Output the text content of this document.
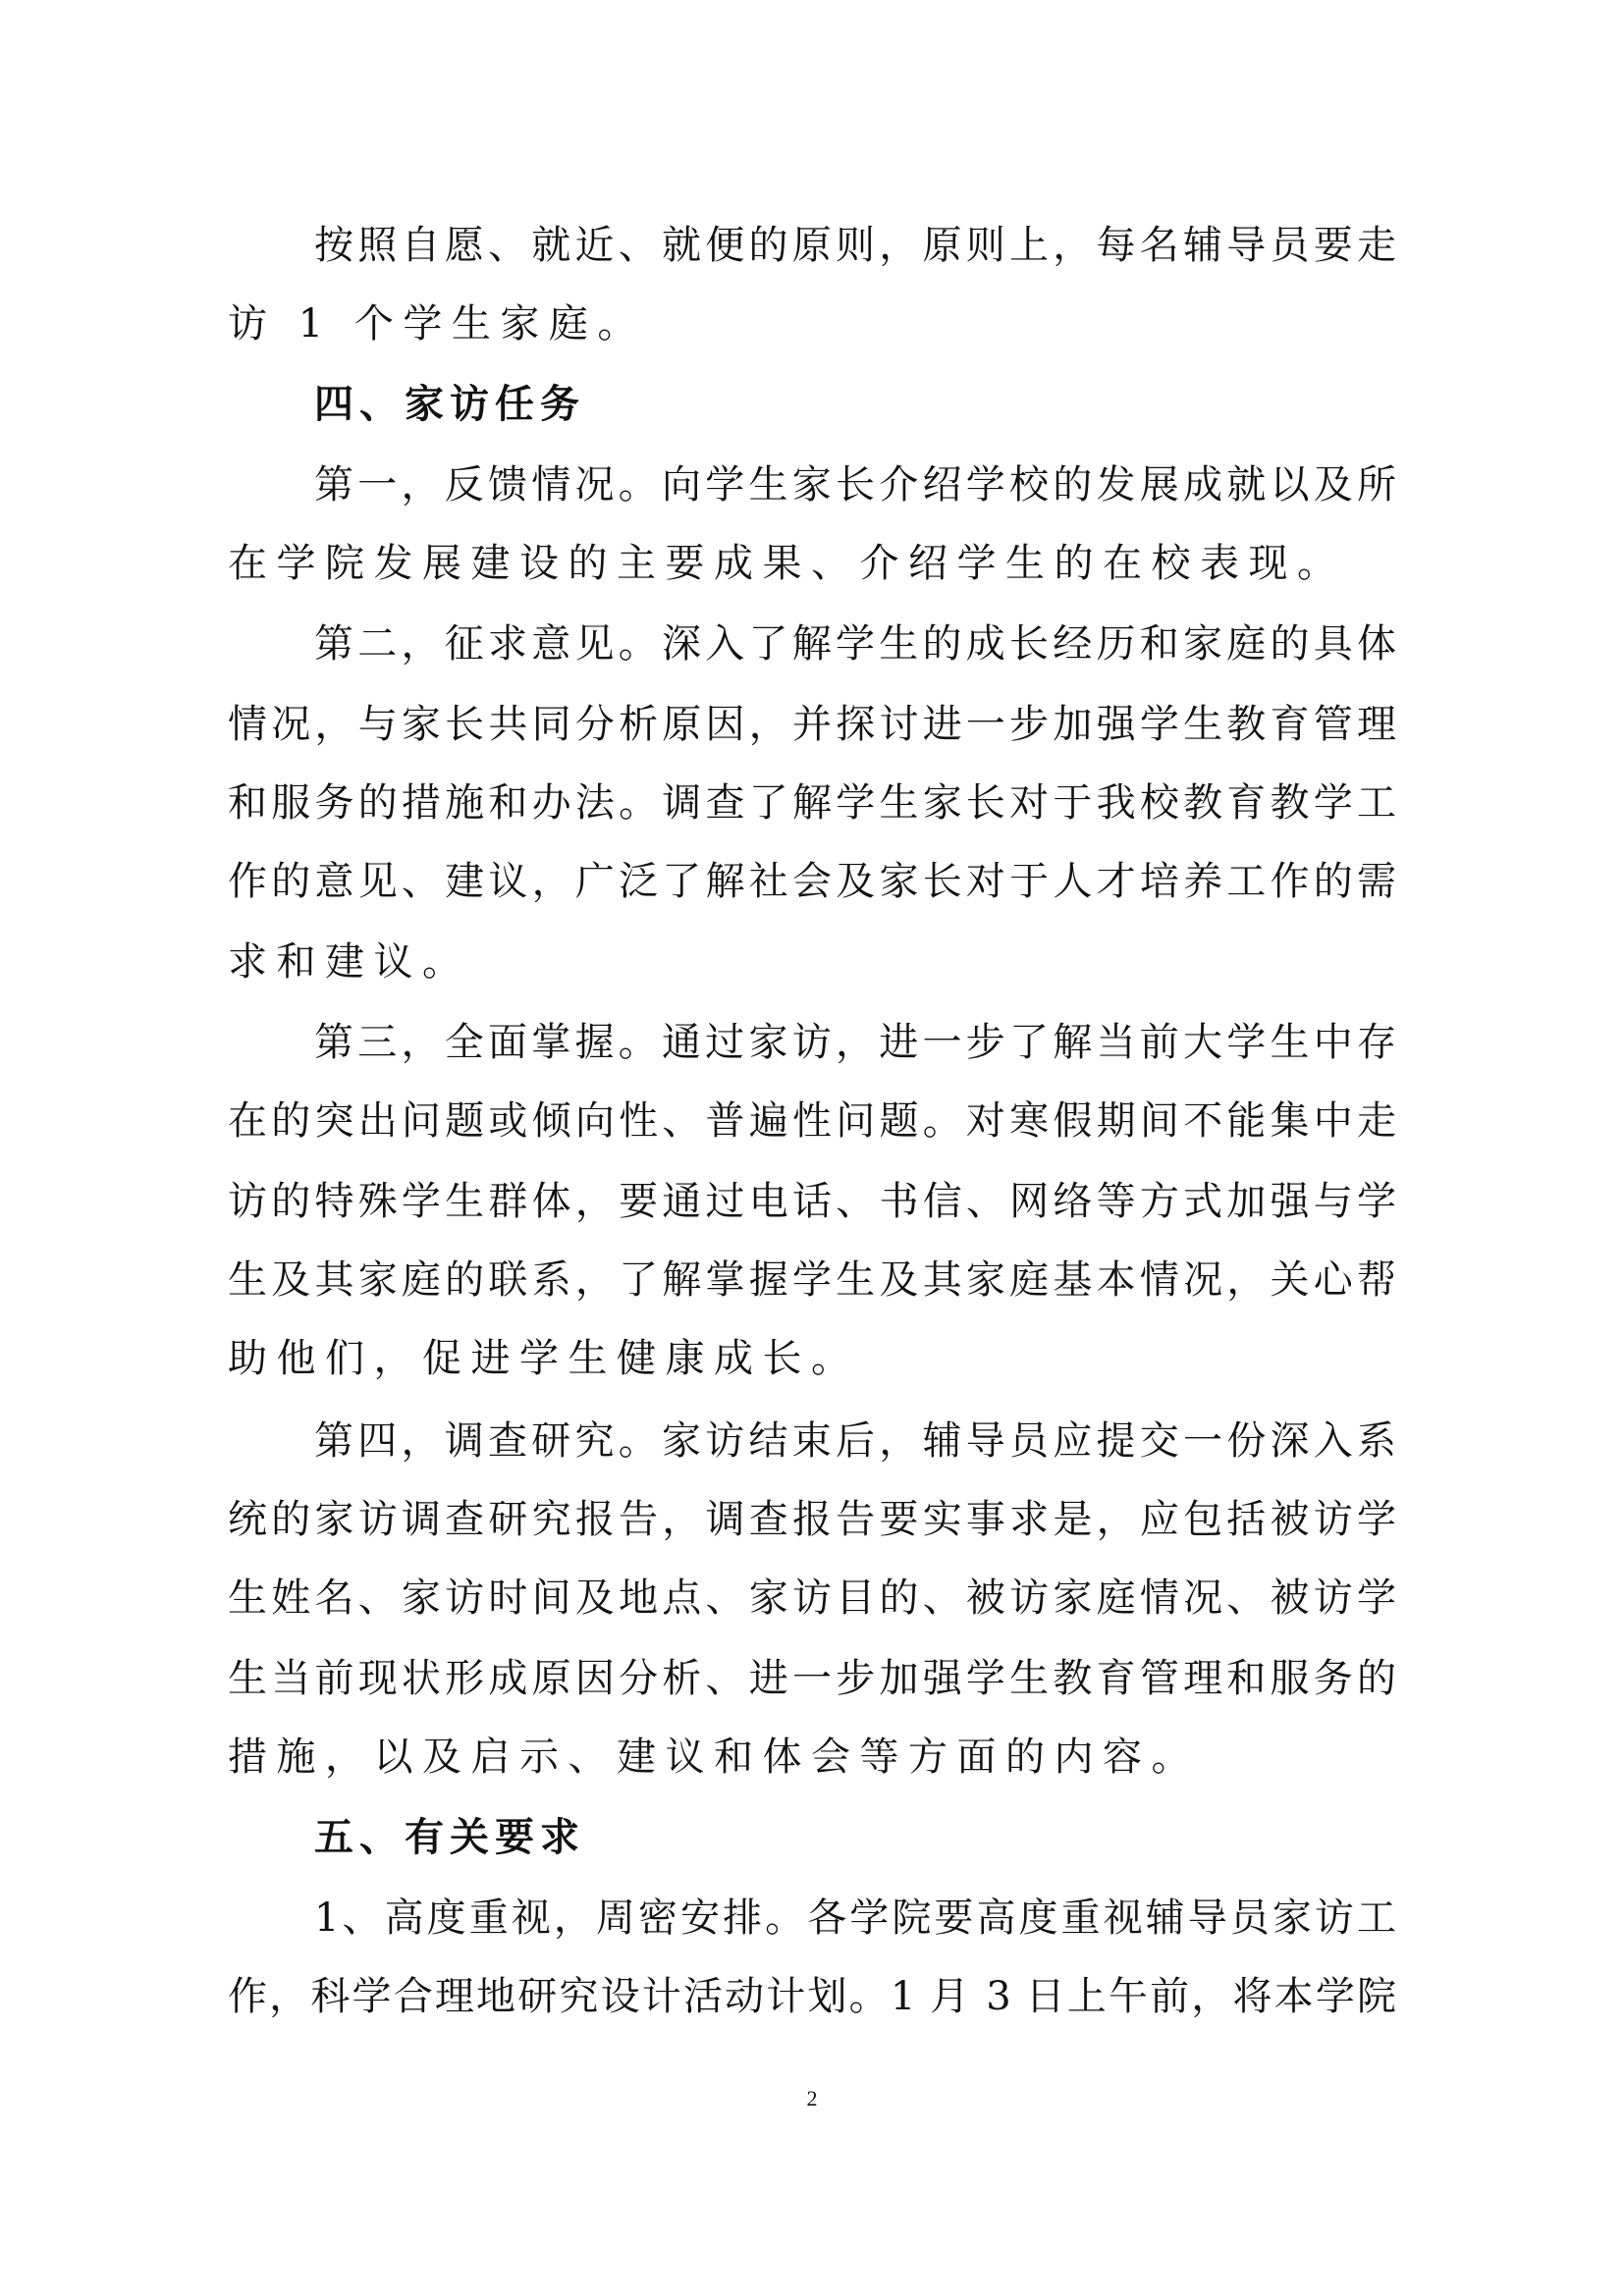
按照自愿、就近、就便的原则，原则上，每名辅导员要走
访 1 个学生家庭。
四、家访任务
第一，反馈情况。向学生家长介绍学校的发展成就以及所
在学院发展建设的主要成果、介绍学生的在校表现。
第二，征求意见。深入了解学生的成长经历和家庭的具体
情况，与家长共同分析原因，并探讨进一步加强学生教育管理
和服务的措施和办法。调查了解学生家长对于我校教育教学工
作的意见、建议，广泛了解社会及家长对于人才培养工作的需
求和建议。
第三，全面掌握。通过家访，进一步了解当前大学生中存
在的突出问题或倾向性、普遍性问题。对寒假期间不能集中走
访的特殊学生群体，要通过电话、书信、网络等方式加强与学
生及其家庭的联系，了解掌握学生及其家庭基本情况，关心帮
助他们，促进学生健康成长。
第四，调查研究。家访结束后，辅导员应提交一份深入系
统的家访调查研究报告，调查报告要实事求是，应包括被访学
生姓名、家访时间及地点、家访目的、被访家庭情况、被访学
生当前现状形成原因分析、进一步加强学生教育管理和服务的
措施，以及启示、建议和体会等方面的内容。
五、有关要求
1、高度重视，周密安排。各学院要高度重视辅导员家访工
作，科学合理地研究设计活动计划。1 月 3 日上午前，将本学院
2
